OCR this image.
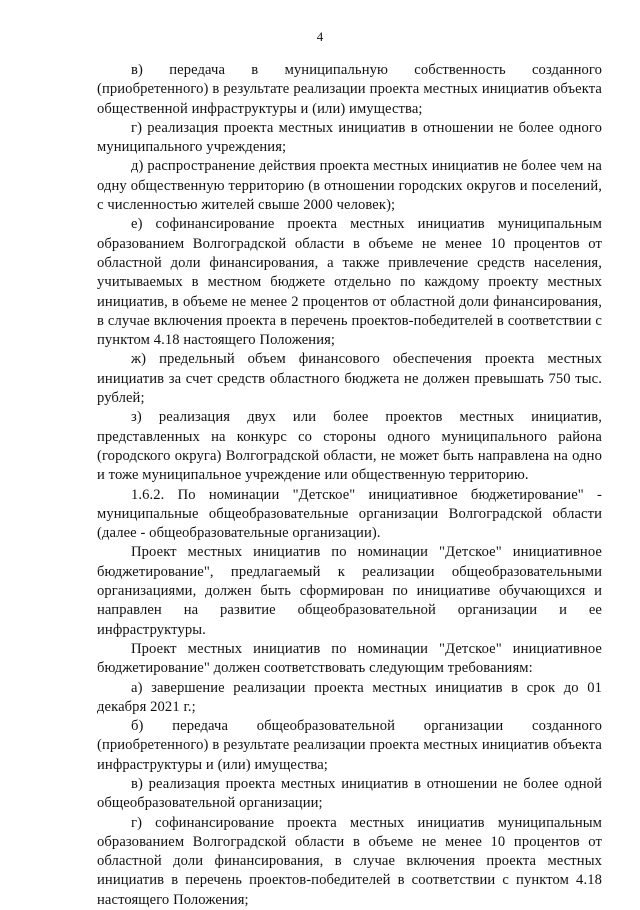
4

в) передача в муниципальную собственность созданного (приобретенного) в результате реализации проекта местных инициатив объекта общественной инфраструктуры и (или) имущества;

г) реализация проекта местных инициатив в отношении не более одного муниципального учреждения;

д) распространение действия проекта местных инициатив не более чем на одну общественную территорию (в отношении городских округов и поселений, с численностью жителей свыше 2000 человек);

е) софинансирование проекта местных инициатив муниципальным образованием Волгоградской области в объеме не менее 10 процентов от областной доли финансирования, а также привлечение средств населения, учитываемых в местном бюджете отдельно по каждому проекту местных инициатив, в объеме не менее 2 процентов от областной доли финансирования, в случае включения проекта в перечень проектов-победителей в соответствии с пунктом 4.18 настоящего Положения;

ж) предельный объем финансового обеспечения проекта местных инициатив за счет средств областного бюджета не должен превышать 750 тыс. рублей;

з) реализация двух или более проектов местных инициатив, представленных на конкурс со стороны одного муниципального района (городского округа) Волгоградской области, не может быть направлена на одно и тоже муниципальное учреждение или общественную территорию.

1.6.2. По номинации "Детское" инициативное бюджетирование" - муниципальные общеобразовательные организации Волгоградской области (далее - общеобразовательные организации).

Проект местных инициатив по номинации "Детское" инициативное бюджетирование", предлагаемый к реализации общеобразовательными организациями, должен быть сформирован по инициативе обучающихся и направлен на развитие общеобразовательной организации и ее инфраструктуры.

Проект местных инициатив по номинации "Детское" инициативное бюджетирование" должен соответствовать следующим требованиям:

а) завершение реализации проекта местных инициатив в срок до 01 декабря 2021 г.;

б) передача общеобразовательной организации созданного (приобретенного) в результате реализации проекта местных инициатив объекта инфраструктуры и (или) имущества;

в) реализация проекта местных инициатив в отношении не более одной общеобразовательной организации;

г) софинансирование проекта местных инициатив муниципальным образованием Волгоградской области в объеме не менее 10 процентов от областной доли финансирования, в случае включения проекта местных инициатив в перечень проектов-победителей в соответствии с пунктом 4.18 настоящего Положения;
